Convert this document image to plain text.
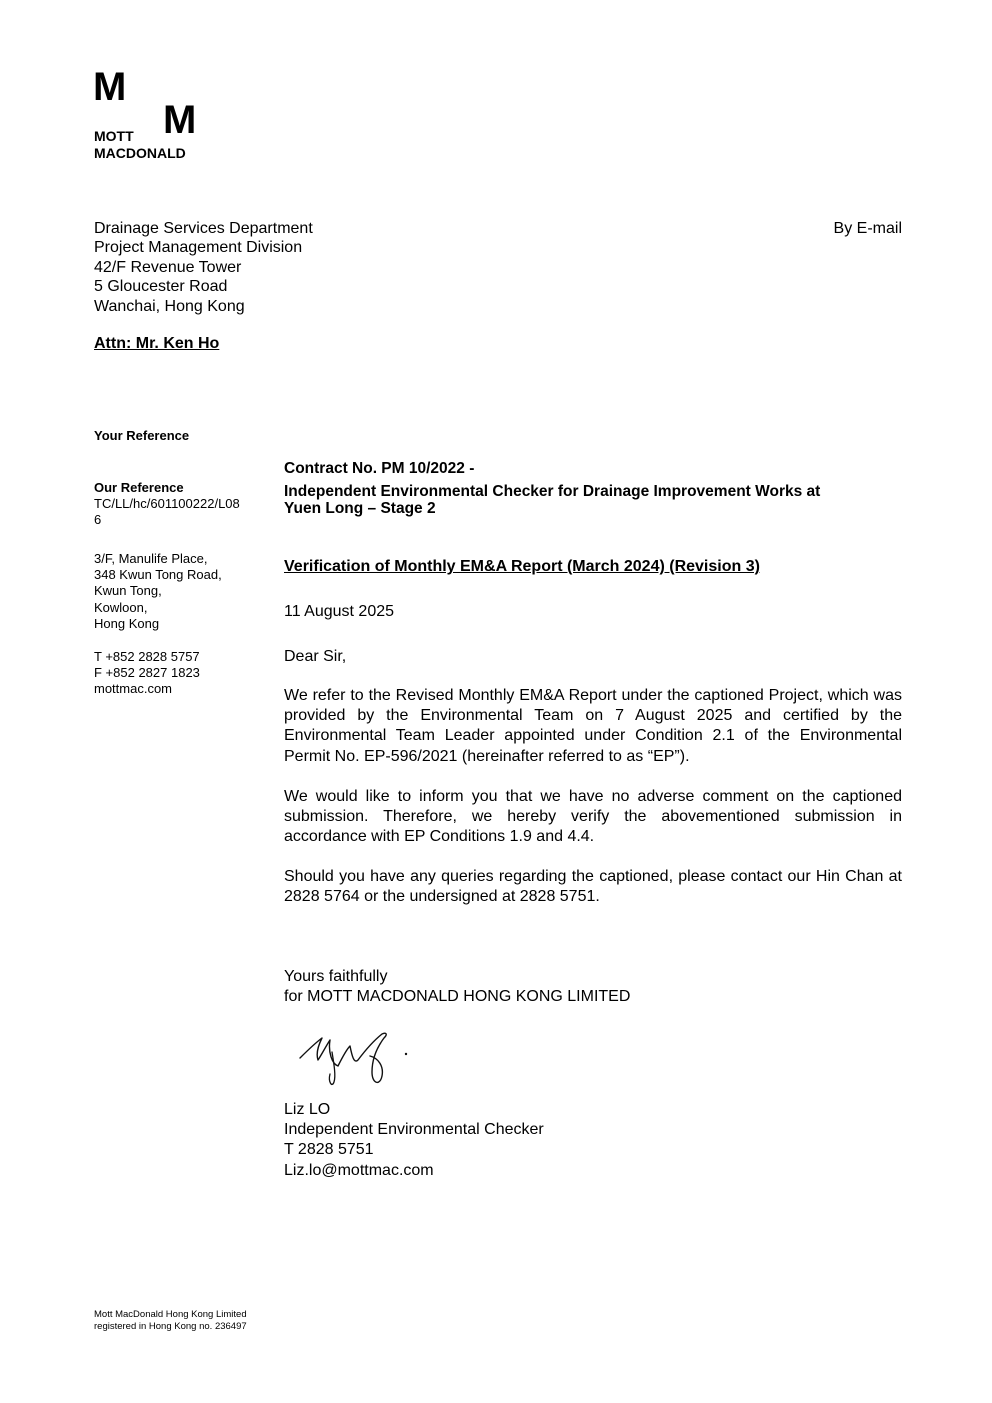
M
M
MOTT
MACDONALD
Drainage Services Department
Project Management Division
42/F Revenue Tower
5 Gloucester Road
Wanchai, Hong Kong
By E-mail
Attn: Mr. Ken Ho
Your Reference
Our Reference
TC/LL/hc/601100222/L08
6
3/F, Manulife Place,
348 Kwun Tong Road,
Kwun Tong,
Kowloon,
Hong Kong
T +852 2828 5757
F +852 2827 1823
mottmac.com
Contract No. PM 10/2022 -
Independent Environmental Checker for Drainage Improvement Works at
Yuen Long – Stage 2
Verification of Monthly EM&A Report (March 2024) (Revision 3)
11 August 2025
Dear Sir,
We refer to the Revised Monthly EM&A Report under the captioned Project, which was provided by the Environmental Team on 7 August 2025 and certified by the Environmental Team Leader appointed under Condition 2.1 of the Environmental Permit No. EP-596/2021 (hereinafter referred to as “EP”).
We would like to inform you that we have no adverse comment on the captioned submission. Therefore, we hereby verify the abovementioned submission in accordance with EP Conditions 1.9 and 4.4.
Should you have any queries regarding the captioned, please contact our Hin Chan at 2828 5764 or the undersigned at 2828 5751.
Yours faithfully
for MOTT MACDONALD HONG KONG LIMITED
Liz LO
Independent Environmental Checker
T 2828 5751
Liz.lo@mottmac.com
Mott MacDonald Hong Kong Limited
registered in Hong Kong no. 236497
